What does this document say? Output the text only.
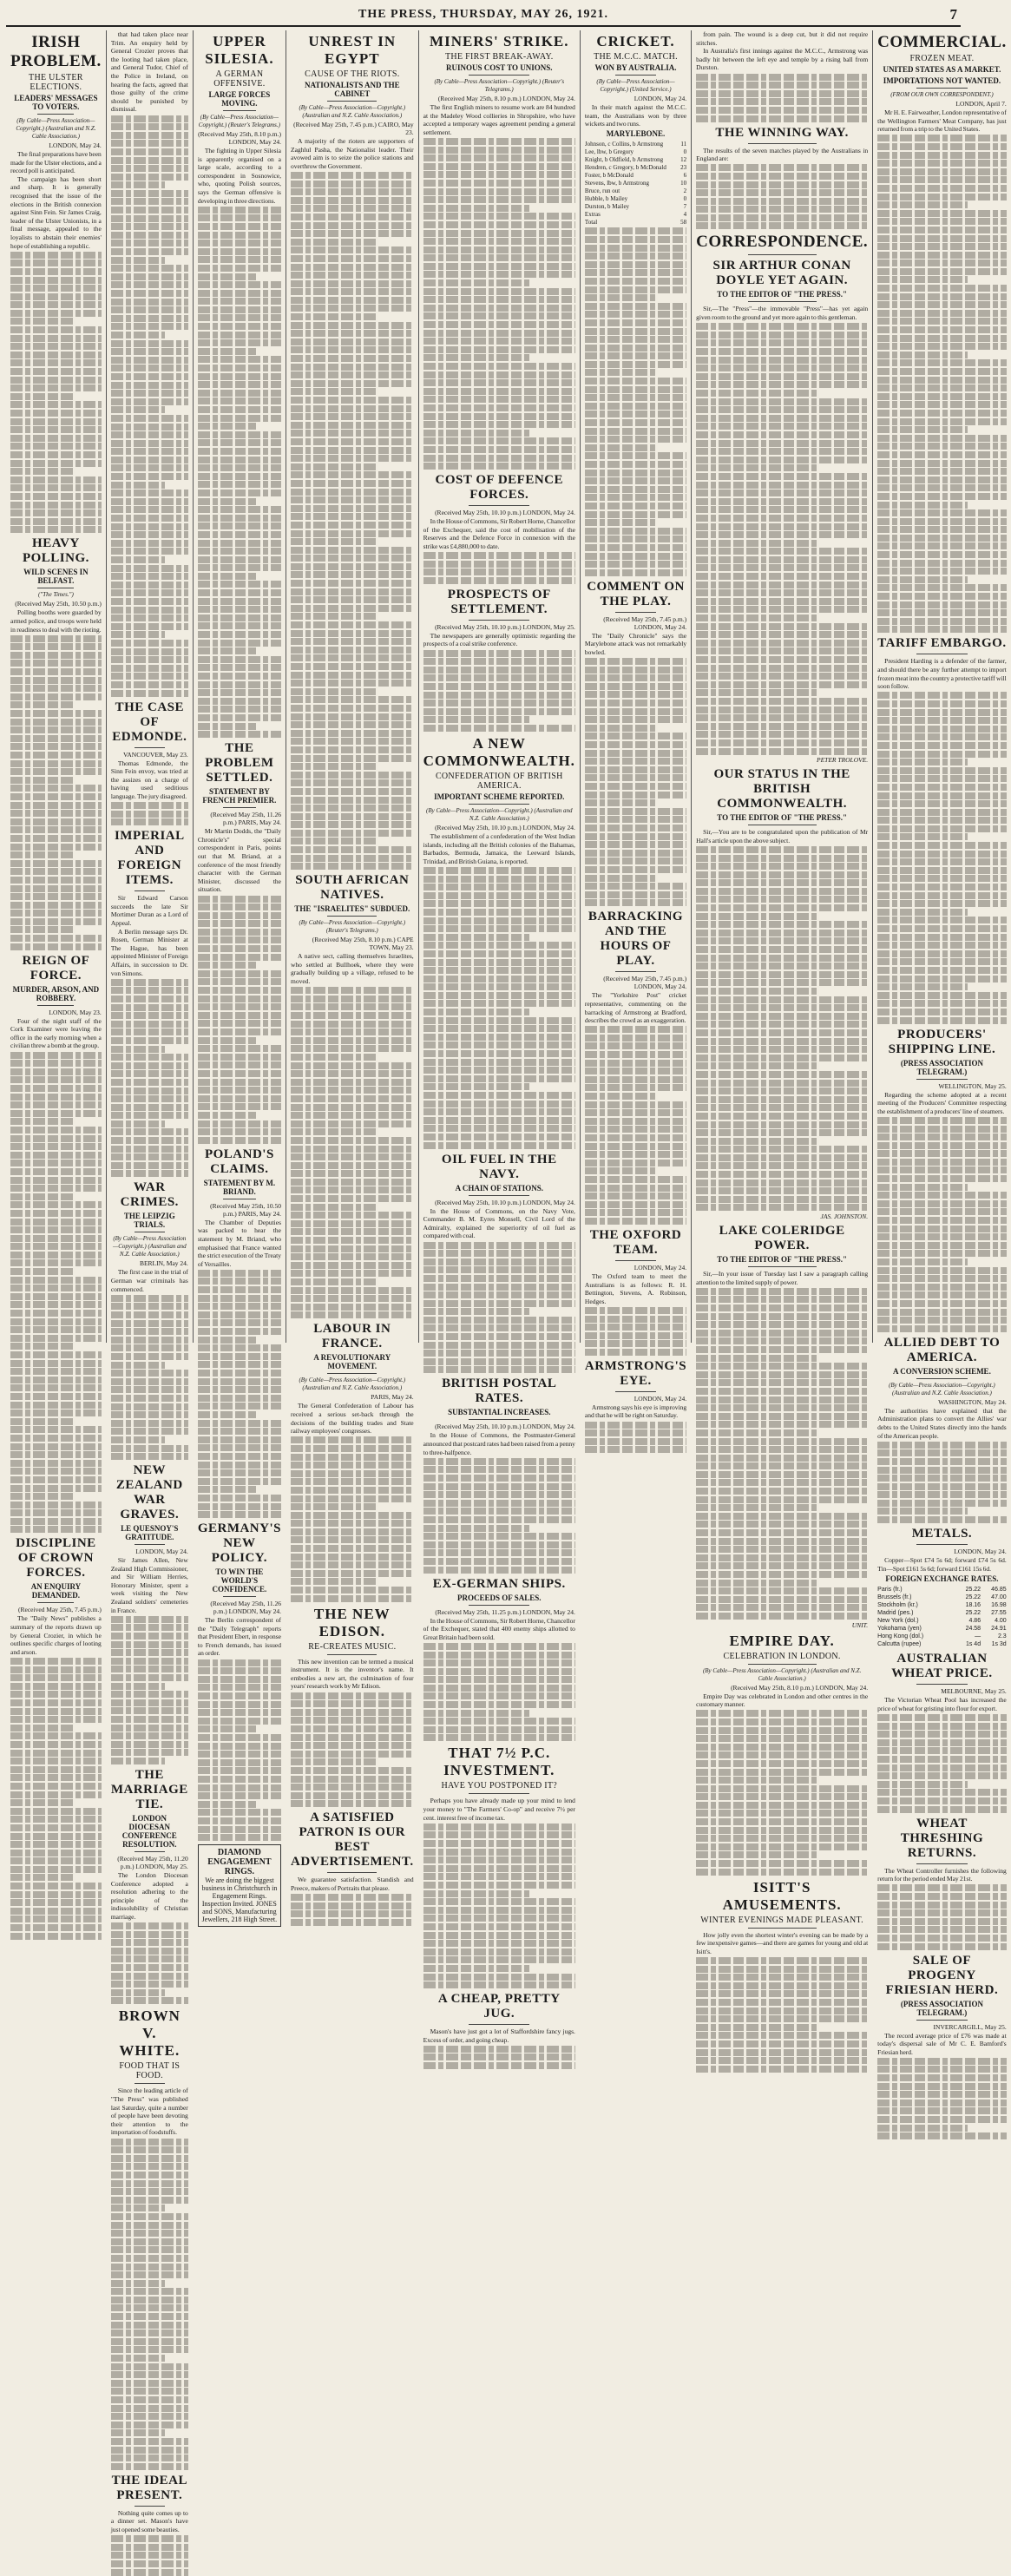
THE PRESS, THURSDAY, MAY 26, 1921.	7
IRISH PROBLEM.
THE ULSTER ELECTIONS.
LEADERS' MESSAGES TO VOTERS.
(By Cable—Press Association—Copyright.) (Australian and N.Z. Cable Association.)
LONDON, May 24.

The final preparations have been made for the Ulster elections, and a record poll is anticipated.

The campaign has been short and sharp. It is generally recognised that the issue of the elections in the British connexion against Sinn Fein. Sir James Craig, leader of the Ulster Unionists, in a final message, appealed to the loyalists to abstain their enemies' hope of establishing a republic.

HEAVY POLLING.
WILD SCENES IN BELFAST.
("The Times.")
(Received May 25th, 10.50 p.m.)

Polling booths were guarded by armed police, and troops were held in readiness to deal with the rioting.

REIGN OF FORCE.
MURDER, ARSON, AND ROBBERY.
LONDON, May 23.

Four of the night staff of the Cork Examiner were leaving the office in the early morning when a civilian threw a bomb at the group.

DISCIPLINE OF CROWN FORCES.
AN ENQUIRY DEMANDED.
(Received May 25th, 7.45 p.m.)

The "Daily News" publishes a summary of the reports drawn up by General Crozier, in which he outlines specific charges of looting and arson.

that had taken place near Trim. An enquiry held by General Crozier proves that the looting had taken place, and General Tudor, Chief of the Police in Ireland, on hearing the facts, agreed that those guilty of the crime should be punished by dismissal.

THE CASE OF EDMONDE.
VANCOUVER, May 23.

Thomas Edmonde, the Sinn Fein envoy, was tried at the assizes on a charge of having used seditious language. The jury disagreed.

IMPERIAL AND FOREIGN ITEMS.

Sir Edward Carson succeeds the late Sir Mortimer Duran as a Lord of Appeal.

A Berlin message says Dr. Rosen, German Minister at The Hague, has been appointed Minister of Foreign Affairs, in succession to Dr. von Simons.

WAR CRIMES.
THE LEIPZIG TRIALS.
(By Cable—Press Association—Copyright.) (Australian and N.Z. Cable Association.)
BERLIN, May 24.

The first case in the trial of German war criminals has commenced.

NEW ZEALAND WAR GRAVES.
LE QUESNOY'S GRATITUDE.
LONDON, May 24.

Sir James Allen, New Zealand High Commissioner, and Sir William Herries, Honorary Minister, spent a week visiting the New Zealand soldiers' cemeteries in France.

THE MARRIAGE TIE.
LONDON DIOCESAN CONFERENCE RESOLUTION.
(Received May 25th, 11.20 p.m.) LONDON, May 25.

The London Diocesan Conference adopted a resolution adhering to the principle of the indissolubility of Christian marriage.

BROWN V. WHITE.
FOOD THAT IS FOOD.

Since the leading article of "The Press" was published last Saturday, quite a number of people have been devoting their attention to the importation of foodstuffs.

THE IDEAL PRESENT.

Nothing quite comes up to a dinner set. Mason's have just opened some beauties.

UPPER SILESIA.
A GERMAN OFFENSIVE.
LARGE FORCES MOVING.
(By Cable—Press Association—Copyright.) (Reuter's Telegrams.)
(Received May 25th, 8.10 p.m.) LONDON, May 24.

The fighting in Upper Silesia is apparently organised on a large scale, according to a correspondent in Sosnowice, who, quoting Polish sources, says the German offensive is developing in three directions.

THE PROBLEM SETTLED.
STATEMENT BY FRENCH PREMIER.
(Received May 25th, 11.26 p.m.) PARIS, May 24.

Mr Martin Dodds, the "Daily Chronicle's" special correspondent in Paris, points out that M. Briand, at a conference of the most friendly character with the German Minister, discussed the situation.

POLAND'S CLAIMS.
STATEMENT BY M. BRIAND.
(Received May 25th, 10.50 p.m.) PARIS, May 24.

The Chamber of Deputies was packed to hear the statement by M. Briand, who emphasised that France wanted the strict execution of the Treaty of Versailles.

GERMANY'S NEW POLICY.
TO WIN THE WORLD'S CONFIDENCE.
(Received May 25th, 11.26 p.m.) LONDON, May 24.

The Berlin correspondent of the "Daily Telegraph" reports that President Ebert, in response to French demands, has issued an order.

DIAMOND ENGAGEMENT RINGS.
We are doing the biggest business in Christchurch in Engagement Rings. Inspection Invited. JONES and SONS, Manufacturing Jewellers, 218 High Street.
UNREST IN EGYPT
CAUSE OF THE RIOTS.
NATIONALISTS AND THE CABINET
(By Cable—Press Association—Copyright.) (Australian and N.Z. Cable Association.)
(Received May 25th, 7.45 p.m.) CAIRO, May 23.

A majority of the rioters are supporters of Zaghlul Pasha, the Nationalist leader. Their avowed aim is to seize the police stations and overthrow the Government.

SOUTH AFRICAN NATIVES.
THE "ISRAELITES" SUBDUED.
(By Cable—Press Association—Copyright.) (Reuter's Telegrams.)
(Received May 25th, 8.10 p.m.) CAPE TOWN, May 23.

A native sect, calling themselves Israelites, who settled at Bullhoek, where they were gradually building up a village, refused to be moved.

LABOUR IN FRANCE.
A REVOLUTIONARY MOVEMENT.
(By Cable—Press Association—Copyright.) (Australian and N.Z. Cable Association.)
PARIS, May 24.

The General Confederation of Labour has received a serious set-back through the decisions of the building trades and State railway employees' congresses.

THE NEW EDISON.
RE-CREATES MUSIC.

This new invention can be termed a musical instrument. It is the inventor's name. It embodies a new art, the culmination of four years' research work by Mr Edison.

A SATISFIED PATRON IS OUR BEST ADVERTISEMENT.

We guarantee satisfaction. Standish and Preece, makers of Portraits that please.

MINERS' STRIKE.
THE FIRST BREAK-AWAY.
RUINOUS COST TO UNIONS.
(By Cable—Press Association—Copyright.) (Reuter's Telegrams.)
(Received May 25th, 8.10 p.m.) LONDON, May 24.

The first English miners to resume work are 84 hundred at the Madeley Wood collieries in Shropshire, who have accepted a temporary wages agreement pending a general settlement.

COST OF DEFENCE FORCES.
(Received May 25th, 10.10 p.m.) LONDON, May 24.

In the House of Commons, Sir Robert Horne, Chancellor of the Exchequer, said the cost of mobilisation of the Reserves and the Defence Force in connexion with the strike was £4,880,000 to date.

PROSPECTS OF SETTLEMENT.
(Received May 25th, 10.10 p.m.) LONDON, May 25.

The newspapers are generally optimistic regarding the prospects of a coal strike conference.

A NEW COMMONWEALTH.
CONFEDERATION OF BRITISH AMERICA.
IMPORTANT SCHEME REPORTED.
(By Cable—Press Association—Copyright.) (Australian and N.Z. Cable Association.)
(Received May 25th, 10.10 p.m.) LONDON, May 24.

The establishment of a confederation of the West Indian islands, including all the British colonies of the Bahamas, Barbados, Bermuda, Jamaica, the Leeward Islands, Trinidad, and British Guiana, is reported.

OIL FUEL IN THE NAVY.
A CHAIN OF STATIONS.
(Received May 25th, 10.10 p.m.) LONDON, May 24.

In the House of Commons, on the Navy Vote, Commander B. M. Eyres Monsell, Civil Lord of the Admiralty, explained the superiority of oil fuel as compared with coal.

BRITISH POSTAL RATES.
SUBSTANTIAL INCREASES.
(Received May 25th, 10.10 p.m.) LONDON, May 24.

In the House of Commons, the Postmaster-General announced that postcard rates had been raised from a penny to three-halfpence.

EX-GERMAN SHIPS.
PROCEEDS OF SALES.
(Received May 25th, 11.25 p.m.) LONDON, May 24.

In the House of Commons, Sir Robert Horne, Chancellor of the Exchequer, stated that 400 enemy ships allotted to Great Britain had been sold.

THAT 7½ P.C. INVESTMENT.
HAVE YOU POSTPONED IT?

Perhaps you have already made up your mind to lend your money to "The Farmers' Co-op" and receive 7½ per cent. interest free of income tax.

A CHEAP, PRETTY JUG.

Mason's have just got a lot of Staffordshire fancy jugs. Excess of order, and going cheap.

CRICKET.
THE M.C.C. MATCH.
WON BY AUSTRALIA.
(By Cable—Press Association—Copyright.) (United Service.)
LONDON, May 24.

In their match against the M.C.C. team, the Australians won by three wickets and two runs.

MARYLEBONE.
Johnson, c Collins, b Armstrong	11
Lee, lbw, b Gregory	0
Knight, b Oldfield, b Armstrong	12
Hendren, c Gregory, b McDonald	23
Foster, b McDonald	6
Stevens, lbw, b Armstrong	10
Bruce, run out	2
Hubble, b Mailey	0
Durston, b Mailey	7
Extras	4
Total	58
COMMENT ON THE PLAY.
(Received May 25th, 7.45 p.m.) LONDON, May 24.

The "Daily Chronicle" says the Marylebone attack was not remarkably bowled.

BARRACKING AND THE HOURS OF PLAY.
(Received May 25th, 7.45 p.m.) LONDON, May 24.

The "Yorkshire Post" cricket representative, commenting on the barracking of Armstrong at Bradford, describes the crowd as an exaggeration.

THE OXFORD TEAM.
LONDON, May 24.

The Oxford team to meet the Australians is as follows: R. H. Bettington, Stevens, A. Robinson, Hedges.

ARMSTRONG'S EYE.
LONDON, May 24.

Armstrong says his eye is improving and that he will be right on Saturday.

from pain. The wound is a deep cut, but it did not require stitches.

In Australia's first innings against the M.C.C., Armstrong was badly hit between the left eye and temple by a rising ball from Durston.

THE WINNING WAY.

The results of the seven matches played by the Australians in England are:

CORRESPONDENCE.
SIR ARTHUR CONAN DOYLE YET AGAIN.
TO THE EDITOR OF "THE PRESS."

Sir,—The "Press"—the immovable "Press"—has yet again given room to the ground and yet more again to this gentleman.

PETER TROLOVE.
OUR STATUS IN THE BRITISH COMMONWEALTH.
TO THE EDITOR OF "THE PRESS."

Sir,—You are to be congratulated upon the publication of Mr Hall's article upon the above subject.

JAS. JOHNSTON.
LAKE COLERIDGE POWER.
TO THE EDITOR OF "THE PRESS."

Sir,—In your issue of Tuesday last I saw a paragraph calling attention to the limited supply of power.

UNIT.
EMPIRE DAY.
CELEBRATION IN LONDON.
(By Cable—Press Association—Copyright.) (Australian and N.Z. Cable Association.)
(Received May 25th, 8.10 p.m.) LONDON, May 24.

Empire Day was celebrated in London and other centres in the customary manner.

ISITT'S AMUSEMENTS.
WINTER EVENINGS MADE PLEASANT.

How jolly even the shortest winter's evening can be made by a few inexpensive games—and there are games for young and old at Isitt's.

COMMERCIAL.
FROZEN MEAT.
UNITED STATES AS A MARKET.
IMPORTATIONS NOT WANTED.
(FROM OUR OWN CORRESPONDENT.)
LONDON, April 7.

Mr H. E. Fairweather, London representative of the Wellington Farmers' Meat Company, has just returned from a trip to the United States.

TARIFF EMBARGO.

President Harding is a defender of the farmer, and should there be any further attempt to import frozen meat into the country a protective tariff will soon follow.

PRODUCERS' SHIPPING LINE.
(PRESS ASSOCIATION TELEGRAM.)
WELLINGTON, May 25.

Regarding the scheme adopted at a recent meeting of the Producers' Committee respecting the establishment of a producers' line of steamers.

ALLIED DEBT TO AMERICA.
A CONVERSION SCHEME.
(By Cable—Press Association—Copyright.) (Australian and N.Z. Cable Association.)
WASHINGTON, May 24.

The authorities have explained that the Administration plans to convert the Allies' war debts to the United States directly into the hands of the American people.

METALS.
LONDON, May 24.

Copper—Spot £74 5s 6d; forward £74 5s 6d. Tin—Spot £161 5s 6d; forward £161 15s 6d.

FOREIGN EXCHANGE RATES.
Paris (fr.)	25.22	46.85
Brussels (fr.)	25.22	47.00
Stockholm (kr.)	18.16	16.98
Madrid (pes.)	25.22	27.55
New York (dol.)	4.86	4.00
Yokohama (yen)	24.58	24.91
Hong Kong (dol.)	—	2.3
Calcutta (rupee)	1s 4d	1s 3d
AUSTRALIAN WHEAT PRICE.
MELBOURNE, May 25.

The Victorian Wheat Pool has increased the price of wheat for gristing into flour for export.

WHEAT THRESHING RETURNS.

The Wheat Controller furnishes the following return for the period ended May 21st.

SALE OF PROGENY FRIESIAN HERD.
(PRESS ASSOCIATION TELEGRAM.)
INVERCARGILL, May 25.

The record average price of £76 was made at today's dispersal sale of Mr C. E. Bamford's Friesian herd.
